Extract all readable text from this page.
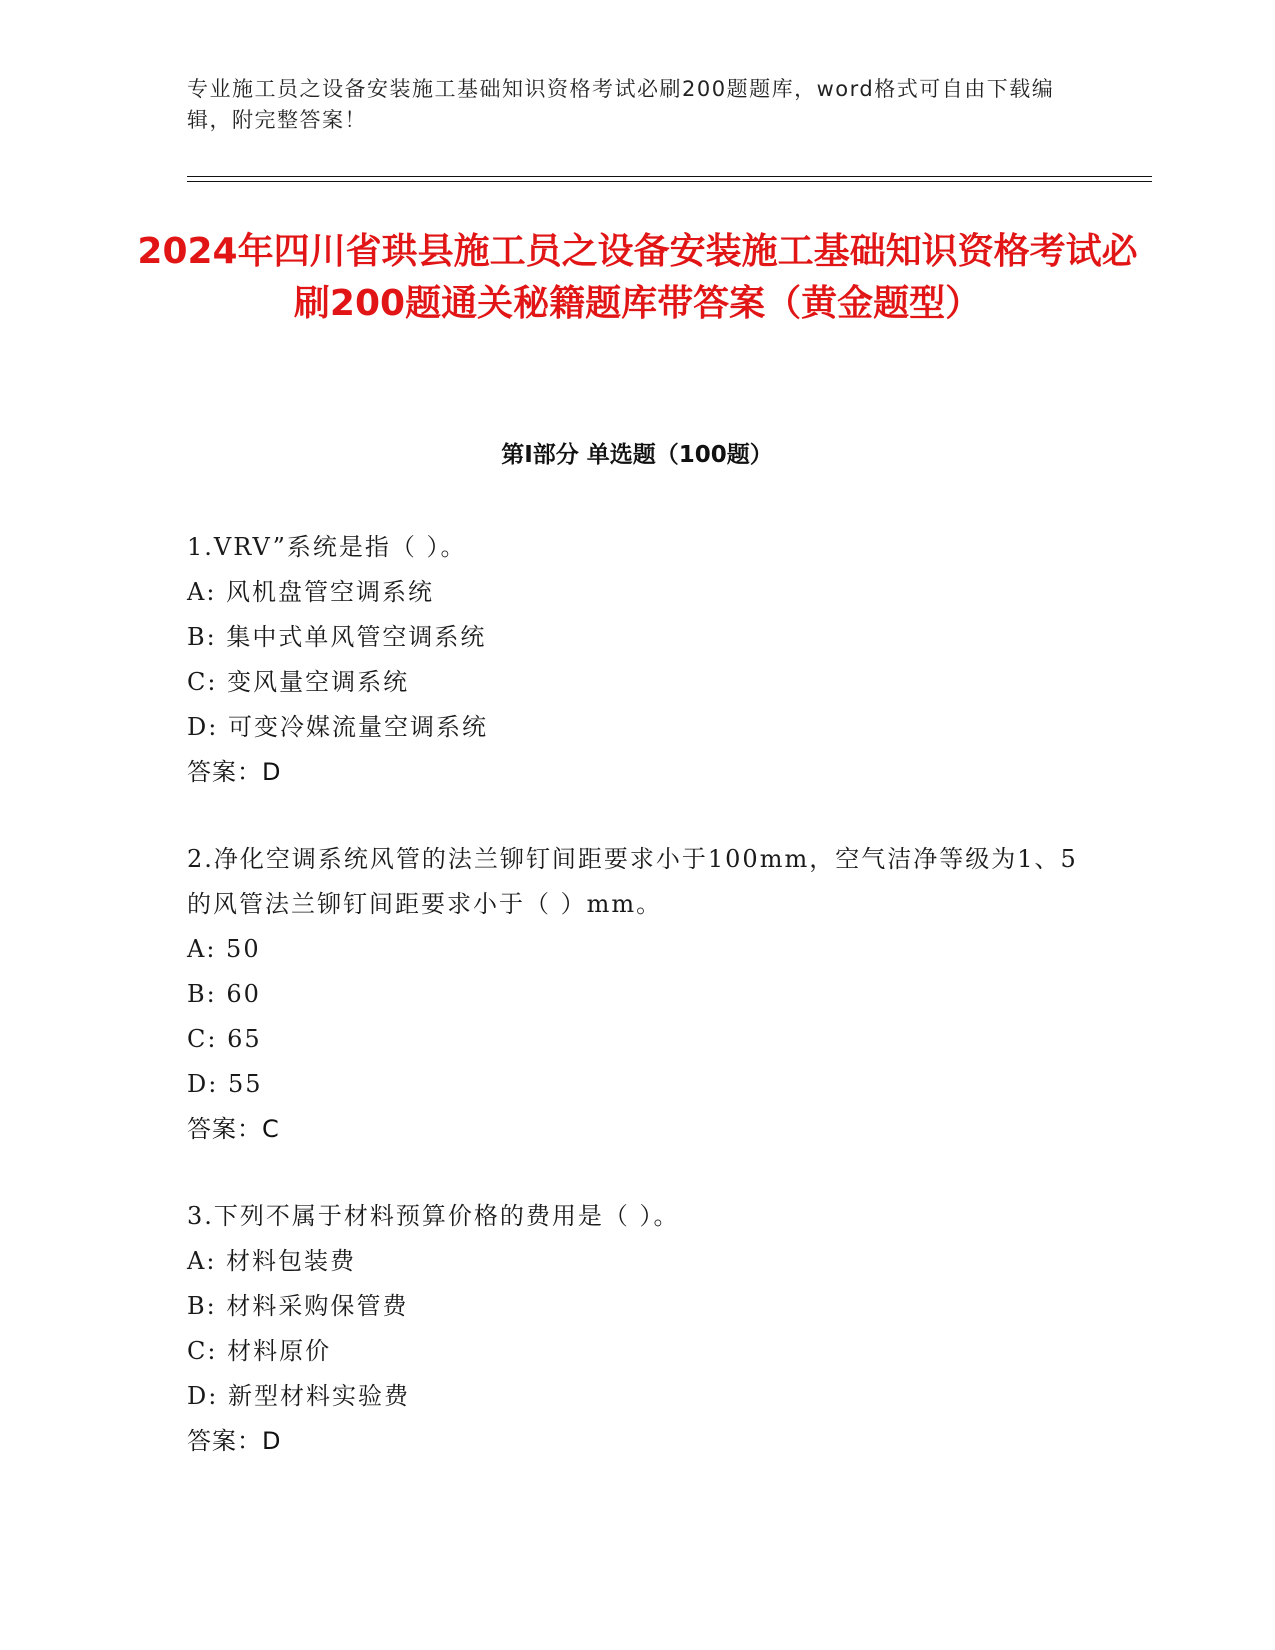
专业施工员之设备安装施工基础知识资格考试必刷200题题库，word格式可自由下载编辑，附完整答案！
2024年四川省珙县施工员之设备安装施工基础知识资格考试必刷200题通关秘籍题库带答案（黄金题型）
第I部分 单选题（100题）
1.VRV”系统是指（ ）。
A: 风机盘管空调系统
B: 集中式单风管空调系统
C: 变风量空调系统
D: 可变冷媒流量空调系统
答案：D
2.净化空调系统风管的法兰铆钉间距要求小于100mm，空气洁净等级为1、5的风管法兰铆钉间距要求小于（ ）mm。
A: 50
B: 60
C: 65
D: 55
答案：C
3.下列不属于材料预算价格的费用是（ ）。
A: 材料包装费
B: 材料采购保管费
C: 材料原价
D: 新型材料实验费
答案：D
